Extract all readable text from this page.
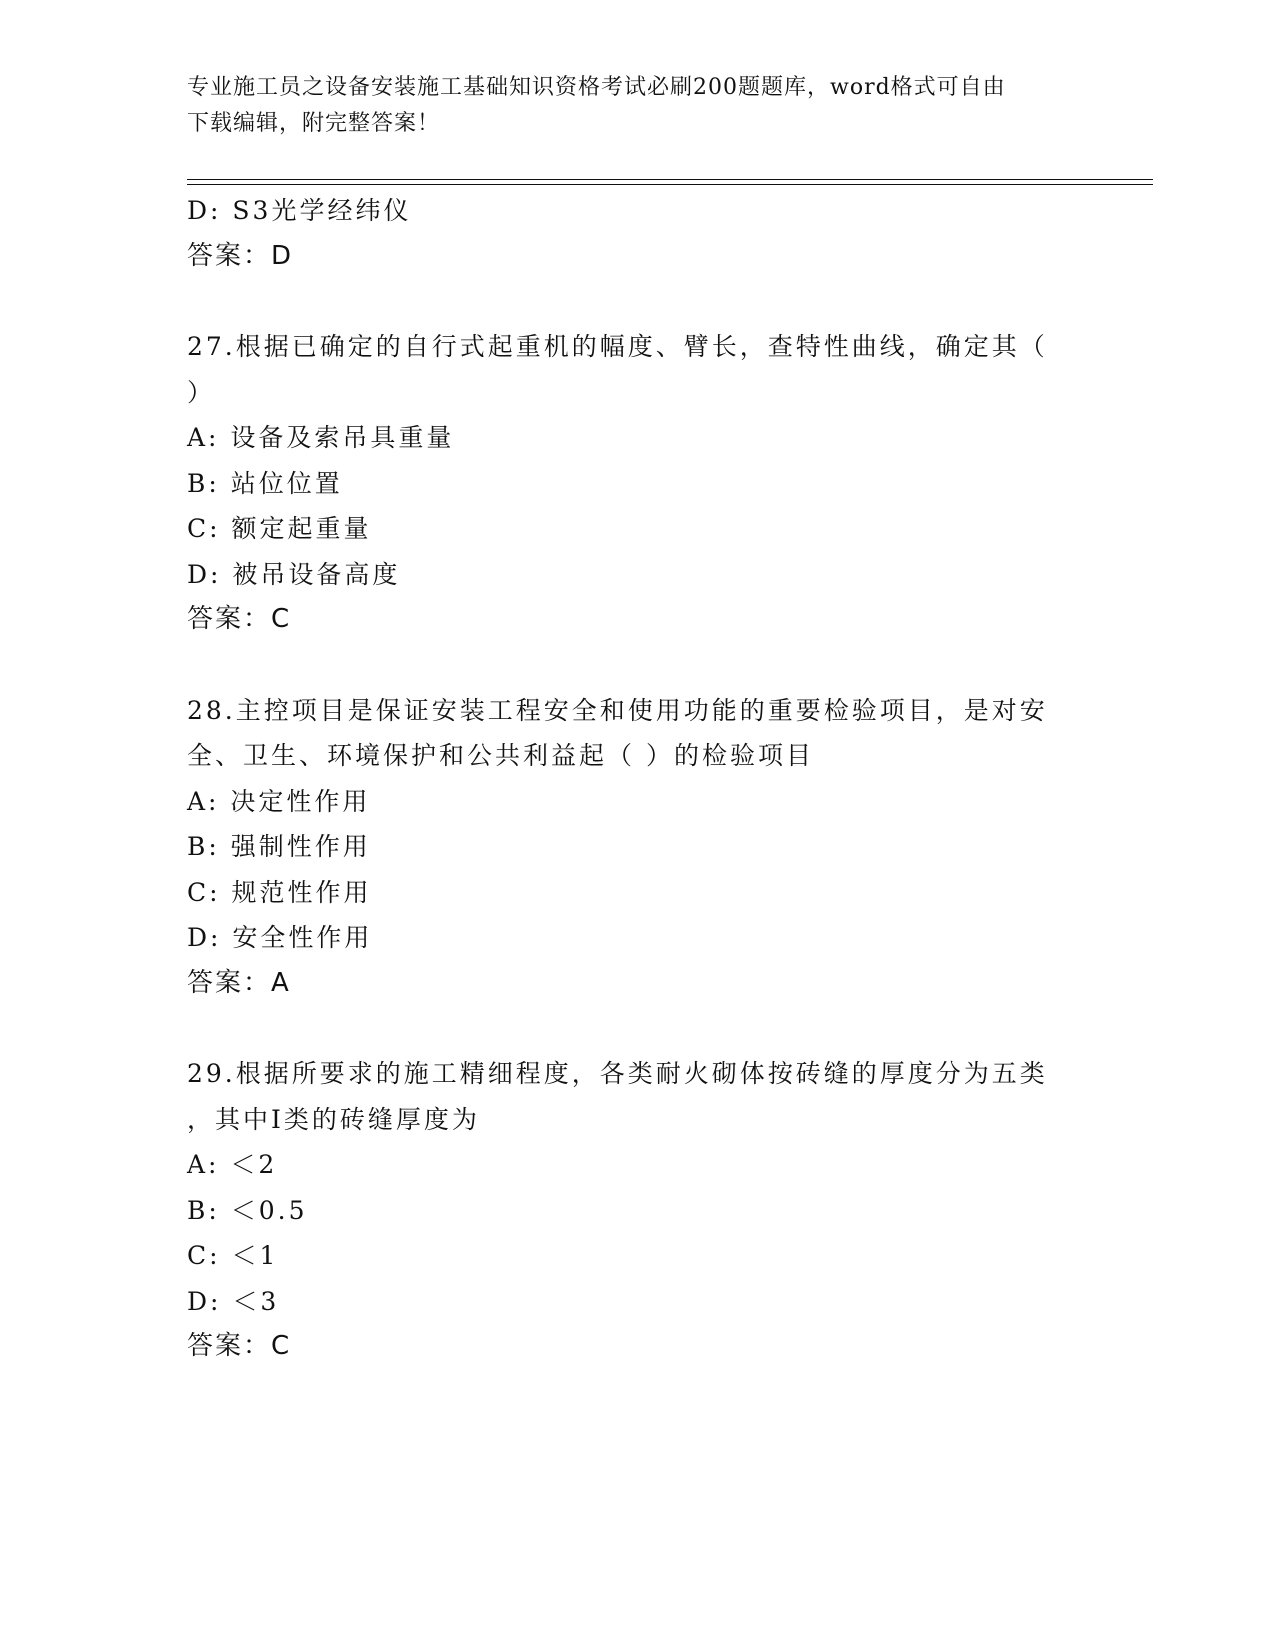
专业施工员之设备安装施工基础知识资格考试必刷200题题库，word格式可自由
下载编辑，附完整答案！
D: S3光学经纬仪
答案：D
27.根据已确定的自行式起重机的幅度、臂长，查特性曲线，确定其（
）
A: 设备及索吊具重量
B: 站位位置
C: 额定起重量
D: 被吊设备高度
答案：C
28.主控项目是保证安装工程安全和使用功能的重要检验项目，是对安
全、卫生、环境保护和公共利益起（ ）的检验项目
A: 决定性作用
B: 强制性作用
C: 规范性作用
D: 安全性作用
答案：A
29.根据所要求的施工精细程度，各类耐火砌体按砖缝的厚度分为五类
，其中Ⅰ类的砖缝厚度为
A: ＜2
B: ＜0.5
C: ＜1
D: ＜3
答案：C
